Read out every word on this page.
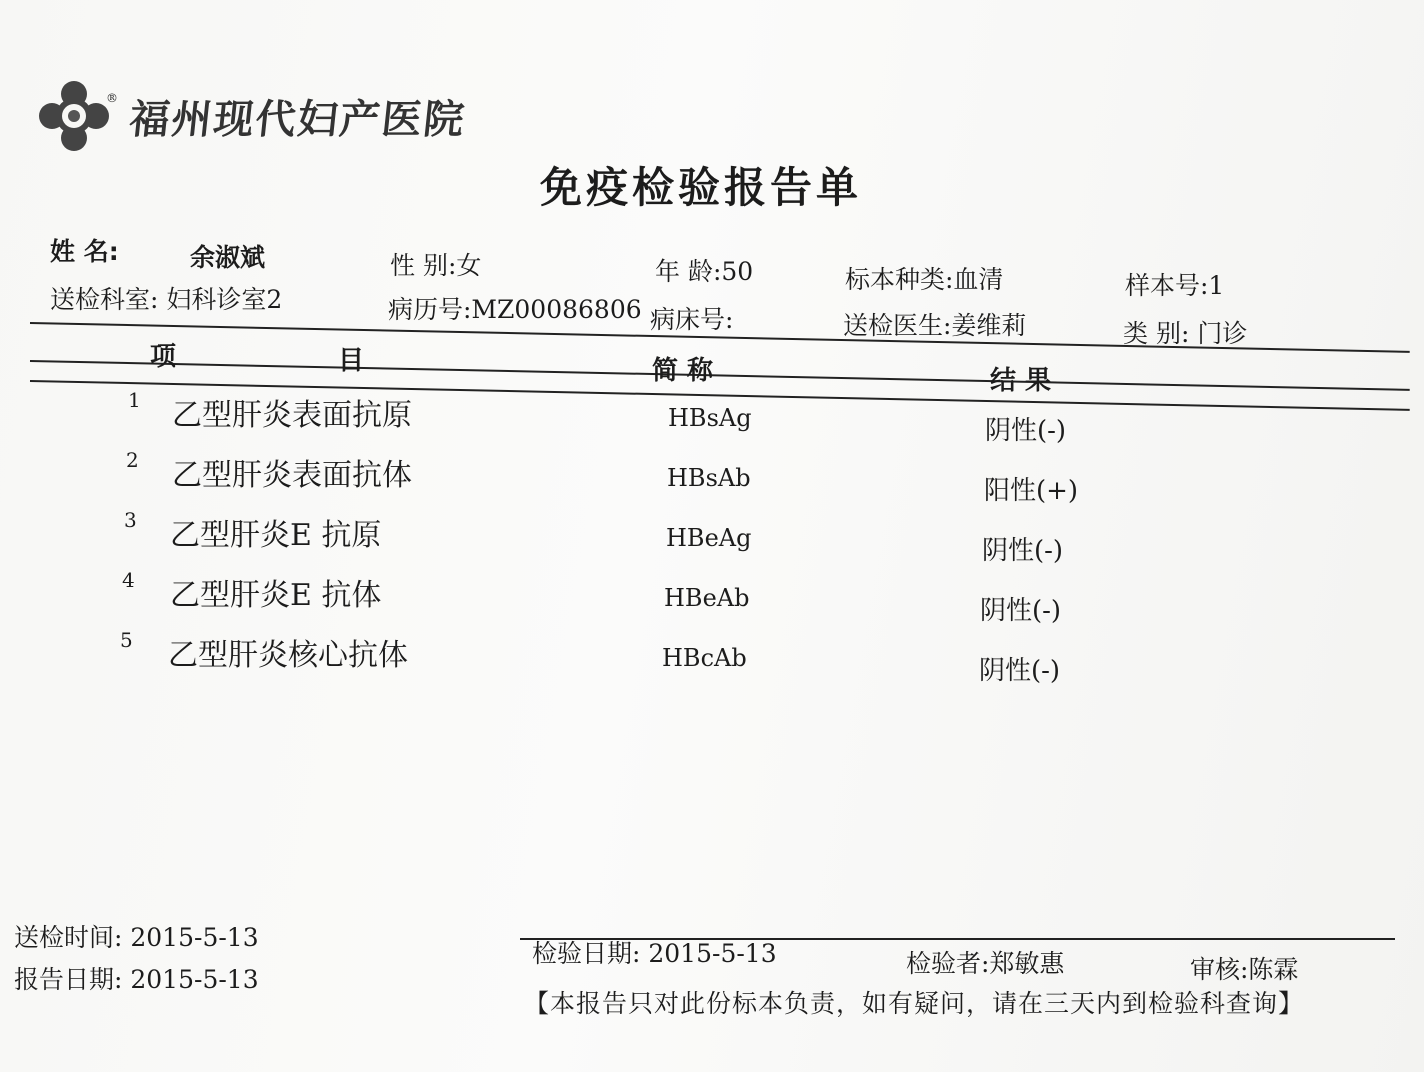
® 福州现代妇产医院
免疫检验报告单
姓 名:	余淑斌	性 别:女	年 龄:50	标本种类:血清	样本号:1
送检科室: 妇科诊室2	病历号:MZ00086806 病床号:	送检医生:姜维莉	类 别: 门诊
项	目	简 称	结 果
1 乙型肝炎表面抗原	HBsAg	阴性(-)
2 乙型肝炎表面抗体	HBsAb	阳性(+)
3 乙型肝炎E 抗原	HBeAg	阴性(-)
4 乙型肝炎E 抗体	HBeAb	阴性(-)
5 乙型肝炎核心抗体	HBcAb	阴性(-)
送检时间: 2015-5-13
报告日期: 2015-5-13
检验日期: 2015-5-13	检验者:郑敏惠	审核:陈霖
【本报告只对此份标本负责，如有疑问，请在三天内到检验科查询】
